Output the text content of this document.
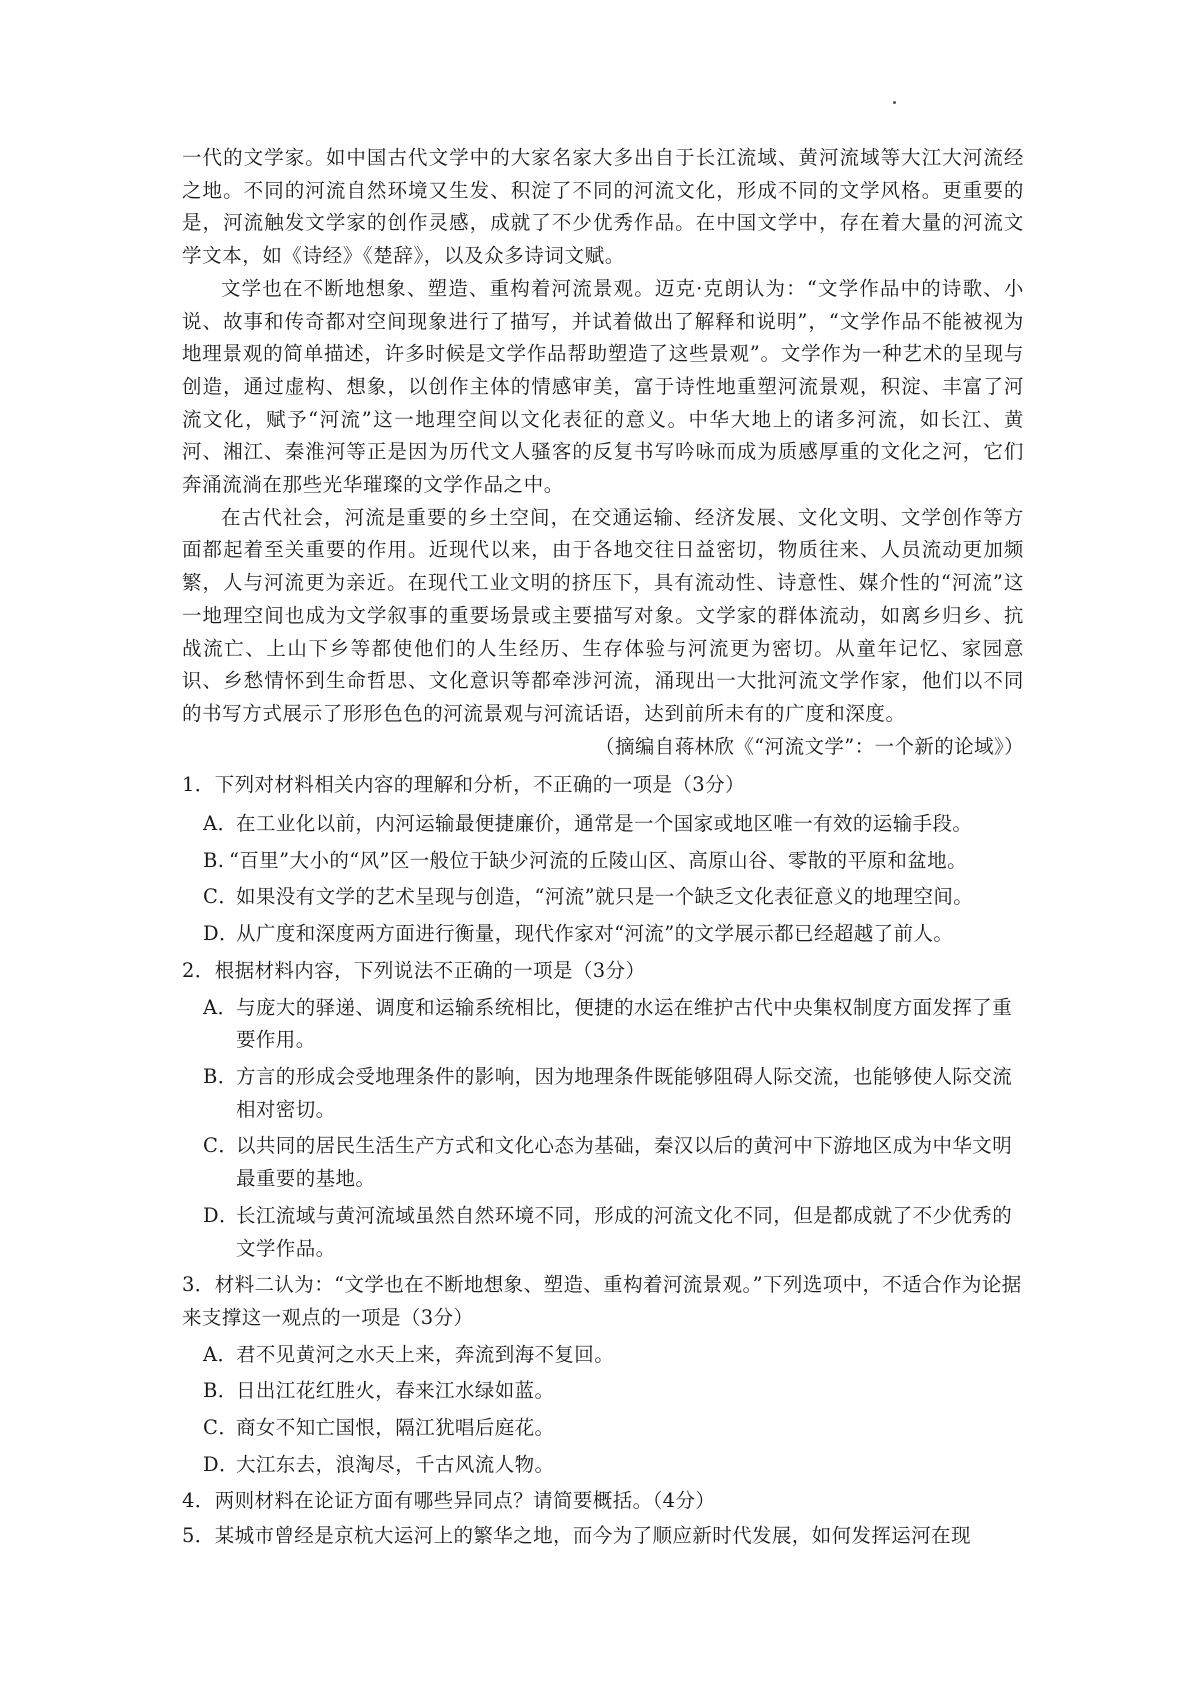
一代的文学家。如中国古代文学中的大家名家大多出自于长江流域、黄河流域等大江大河流经之地。不同的河流自然环境又生发、积淀了不同的河流文化，形成不同的文学风格。更重要的是，河流触发文学家的创作灵感，成就了不少优秀作品。在中国文学中，存在着大量的河流文学文本，如《诗经》《楚辞》，以及众多诗词文赋。

文学也在不断地想象、塑造、重构着河流景观。迈克·克朗认为：“文学作品中的诗歌、小说、故事和传奇都对空间现象进行了描写，并试着做出了解释和说明”，“文学作品不能被视为地理景观的简单描述，许多时候是文学作品帮助塑造了这些景观”。文学作为一种艺术的呈现与创造，通过虚构、想象，以创作主体的情感审美，富于诗性地重塑河流景观，积淀、丰富了河流文化，赋予“河流”这一地理空间以文化表征的意义。中华大地上的诸多河流，如长江、黄河、湘江、秦淮河等正是因为历代文人骚客的反复书写吟咏而成为质感厚重的文化之河，它们奔涌流淌在那些光华璀璨的文学作品之中。

在古代社会，河流是重要的乡土空间，在交通运输、经济发展、文化文明、文学创作等方面都起着至关重要的作用。近现代以来，由于各地交往日益密切，物质往来、人员流动更加频繁，人与河流更为亲近。在现代工业文明的挤压下，具有流动性、诗意性、媒介性的“河流”这一地理空间也成为文学叙事的重要场景或主要描写对象。文学家的群体流动，如离乡归乡、抗战流亡、上山下乡等都使他们的人生经历、生存体验与河流更为密切。从童年记忆、家园意识、乡愁情怀到生命哲思、文化意识等都牵涉河流，涌现出一大批河流文学作家，他们以不同的书写方式展示了形形色色的河流景观与河流话语，达到前所未有的广度和深度。

（摘编自蒋林欣《“河流文学”：一个新的论域》）

1．下列对材料相关内容的理解和分析，不正确的一项是（3分）

A．
在工业化以前，内河运输最便捷廉价，通常是一个国家或地区唯一有效的运输手段。
B. “百里”大小的“风”区一般位于缺少河流的丘陵山区、高原山谷、零散的平原和盆地。
C．
如果没有文学的艺术呈现与创造，“河流”就只是一个缺乏文化表征意义的地理空间。
D．
从广度和深度两方面进行衡量，现代作家对“河流”的文学展示都已经超越了前人。

2．根据材料内容，下列说法不正确的一项是（3分）

A．
与庞大的驿递、调度和运输系统相比，便捷的水运在维护古代中央集权制度方面发挥了重要作用。
B．
方言的形成会受地理条件的影响，因为地理条件既能够阻碍人际交流，也能够使人际交流相对密切。
C．
以共同的居民生活生产方式和文化心态为基础，秦汉以后的黄河中下游地区成为中华文明最重要的基地。
D．
长江流域与黄河流域虽然自然环境不同，形成的河流文化不同，但是都成就了不少优秀的文学作品。

3．材料二认为：“文学也在不断地想象、塑造、重构着河流景观。”下列选项中，不适合作为论据来支撑这一观点的一项是（3分）

A．
君不见黄河之水天上来，奔流到海不复回。
B．
日出江花红胜火，春来江水绿如蓝。
C．
商女不知亡国恨，隔江犹唱后庭花。
D．
大江东去，浪淘尽，千古风流人物。

4．两则材料在论证方面有哪些异同点？请简要概括。（4分）

5．某城市曾经是京杭大运河上的繁华之地，而今为了顺应新时代发展，如何发挥运河在现
